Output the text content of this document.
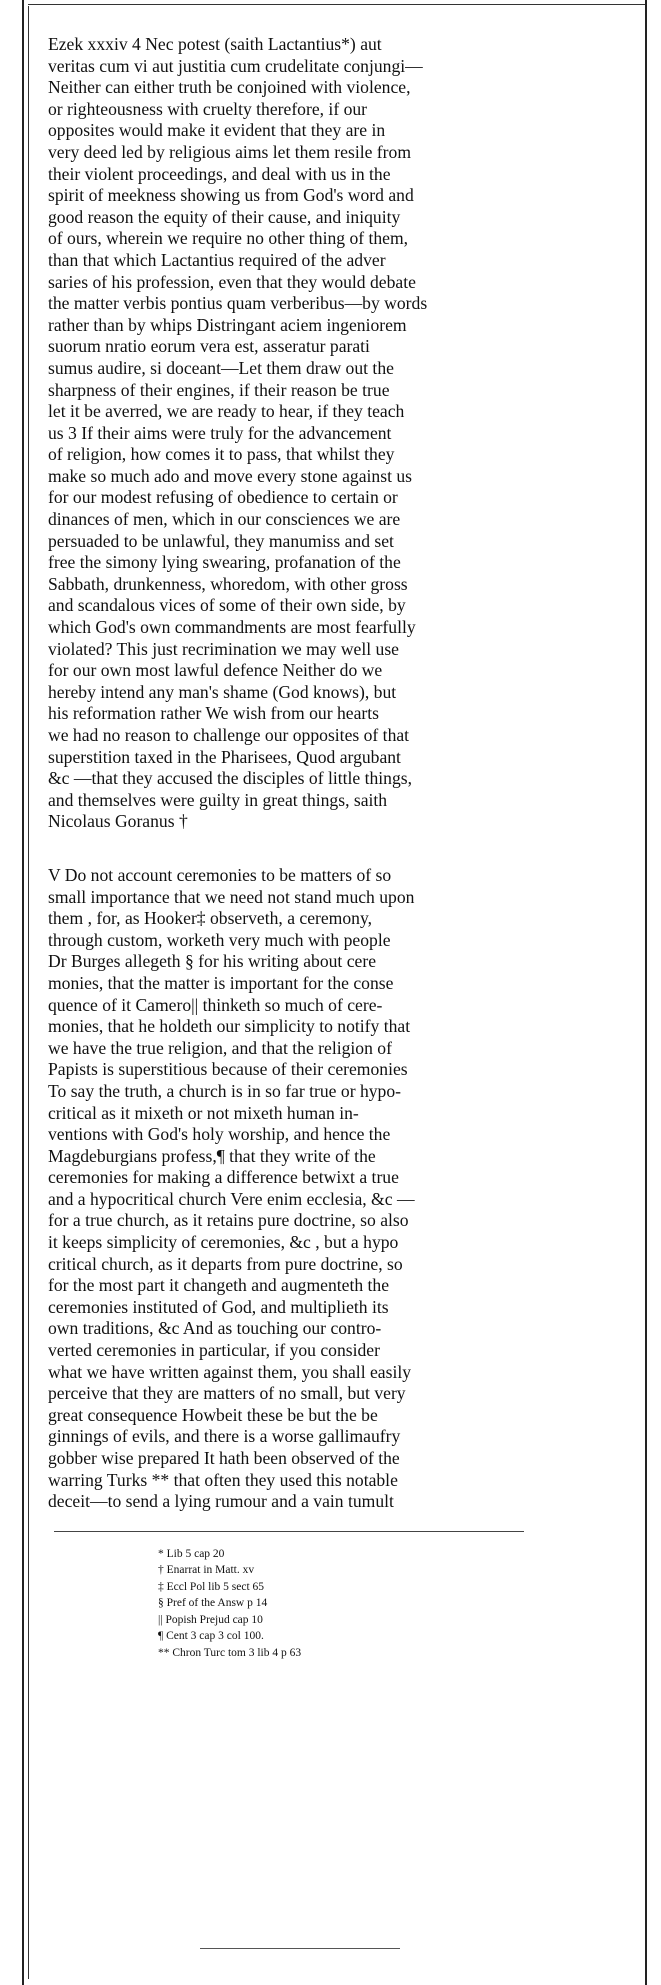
Ezek xxxiv 4 Nec potest (saith Lactantius*) aut
veritas cum vi aut justitia cum crudelitate conjungi—
Neither can either truth be conjoined with violence,
or righteousness with cruelty therefore, if our
opposites would make it evident that they are in
very deed led by religious aims let them resile from
their violent proceedings, and deal with us in the
spirit of meekness showing us from God's word and
good reason the equity of their cause, and iniquity
of ours, wherein we require no other thing of them,
than that which Lactantius required of the adver
saries of his profession, even that they would debate
the matter verbis pontius quam verberibus—by words
rather than by whips Distringant aciem ingeniorem
suorum nratio eorum vera est, asseratur parati
sumus audire, si doceant—Let them draw out the
sharpness of their engines, if their reason be true
let it be averred, we are ready to hear, if they teach
us 3 If their aims were truly for the advancement
of religion, how comes it to pass, that whilst they
make so much ado and move every stone against us
for our modest refusing of obedience to certain or
dinances of men, which in our consciences we are
persuaded to be unlawful, they manumiss and set
free the simony lying swearing, profanation of the
Sabbath, drunkenness, whoredom, with other gross
and scandalous vices of some of their own side, by
which God's own commandments are most fearfully
violated? This just recrimination we may well use
for our own most lawful defence Neither do we
hereby intend any man's shame (God knows), but
his reformation rather We wish from our hearts
we had no reason to challenge our opposites of that
superstition taxed in the Pharisees, Quod argubant
&c —that they accused the disciples of little things,
and themselves were guilty in great things, saith
Nicolaus Goranus †
V Do not account ceremonies to be matters of so
small importance that we need not stand much upon
them , for, as Hooker‡ observeth, a ceremony,
through custom, worketh very much with people
Dr Burges allegeth § for his writing about cere
monies, that the matter is important for the conse
quence of it Camero|| thinketh so much of cere-
monies, that he holdeth our simplicity to notify that
we have the true religion, and that the religion of
Papists is superstitious because of their ceremonies
To say the truth, a church is in so far true or hypo-
critical as it mixeth or not mixeth human in-
ventions with God's holy worship, and hence the
Magdeburgians profess,¶ that they write of the
ceremonies for making a difference betwixt a true
and a hypocritical church Vere enim ecclesia, &c —
for a true church, as it retains pure doctrine, so also
it keeps simplicity of ceremonies, &c , but a hypo
critical church, as it departs from pure doctrine, so
for the most part it changeth and augmenteth the
ceremonies instituted of God, and multiplieth its
own traditions, &c And as touching our contro-
verted ceremonies in particular, if you consider
what we have written against them, you shall easily
perceive that they are matters of no small, but very
great consequence Howbeit these be but the be
ginnings of evils, and there is a worse gallimaufry
gobber wise prepared It hath been observed of the
warring Turks ** that often they used this notable
deceit—to send a lying rumour and a vain tumult
* Lib 5 cap 20
† Enarrat in Matt. xv
‡ Eccl Pol lib 5 sect 65
§ Pref of the Answ p 14
|| Popish Prejud cap 10
¶ Cent 3 cap 3 col 100.
** Chron Turc tom 3 lib 4 p 63
